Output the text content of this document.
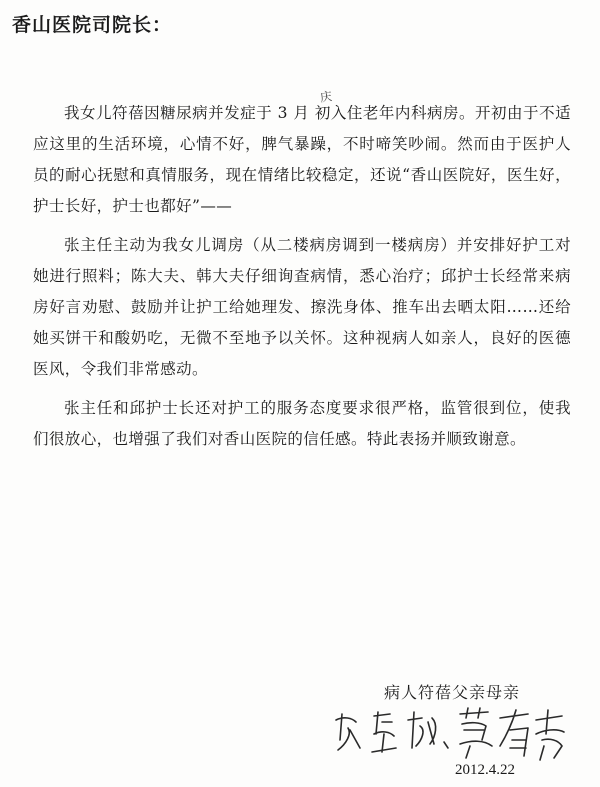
香山医院司院长：
庆

我女儿符蓓因糖尿病并发症于 3 月 初入住老年内科病房。开初由于不适应这里的生活环境，心情不好，脾气暴躁，不时啼笑吵闹。然而由于医护人员的耐心抚慰和真情服务，现在情绪比较稳定，还说“香山医院好，医生好，护士长好，护士也都好”——

张主任主动为我女儿调房（从二楼病房调到一楼病房）并安排好护工对她进行照料；陈大夫、韩大夫仔细询查病情，悉心治疗；邱护士长经常来病房好言劝慰、鼓励并让护工给她理发、擦洗身体、推车出去晒太阳……还给她买饼干和酸奶吃，无微不至地予以关怀。这种视病人如亲人，良好的医德医风，令我们非常感动。

张主任和邱护士长还对护工的服务态度要求很严格，监管很到位，使我们很放心，也增强了我们对香山医院的信任感。特此表扬并顺致谢意。

病人符蓓父亲母亲
2012.4.22
